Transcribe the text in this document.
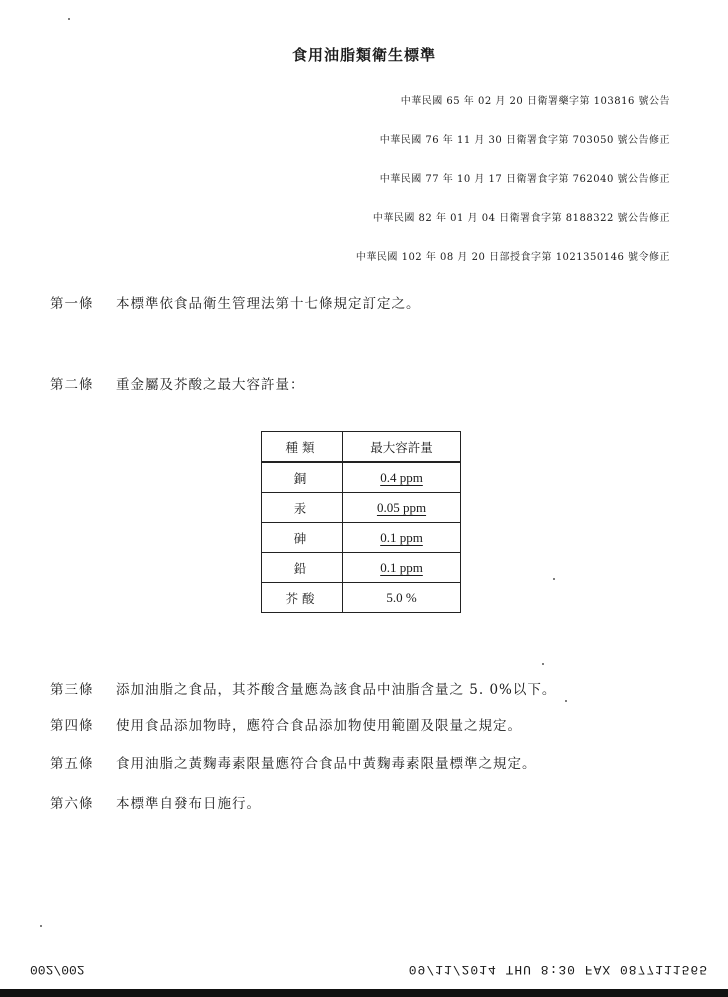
食用油脂類衛生標準
中華民國 65 年 02 月 20 日衛署藥字第 103816 號公告
中華民國 76 年 11 月 30 日衛署食字第 703050 號公告修正
中華民國 77 年 10 月 17 日衛署食字第 762040 號公告修正
中華民國 82 年 01 月 04 日衛署食字第 8188322 號公告修正
中華民國 102 年 08 月 20 日部授食字第 1021350146 號令修正
第一條 本標準依食品衛生管理法第十七條規定訂定之。
第二條 重金屬及芥酸之最大容許量：
種類	最大容許量
銅	0.4 ppm
汞	0.05 ppm
砷	0.1 ppm
鉛	0.1 ppm
芥酸	5.0 %
第三條 添加油脂之食品，其芥酸含量應為該食品中油脂含量之 5. 0%以下。
第四條 使用食品添加物時，應符合食品添加物使用範圍及限量之規定。
第五條 食用油脂之黃麴毒素限量應符合食品中黃麴毒素限量標準之規定。
第六條 本標準自發布日施行。
002/002	09/11/2014 THU 8:30 FAX 0877111565
